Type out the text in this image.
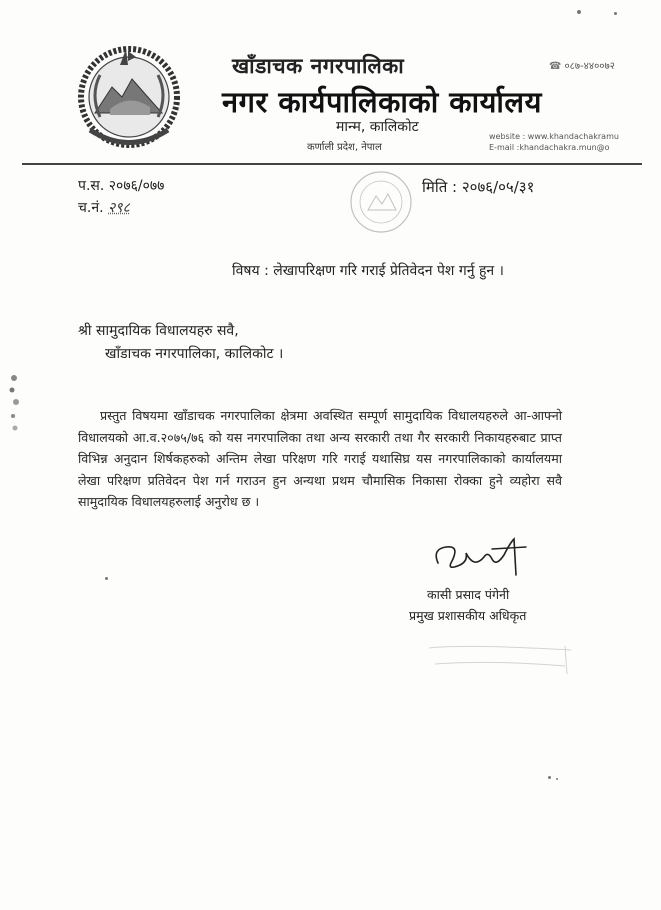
खाँडाचक नगरपालिका
नगर कार्यपालिकाको कार्यालय
मान्म, कालिकोट
कर्णाली प्रदेश, नेपाल
☎ ०८७-४४००७२
website : www.khandachakramu
E-mail :khandachakra.mun@o
प.स. २०७६/०७७
च.नं. २९८
मिति : २०७६/०५/३१
विषय : लेखापरिक्षण गरि गराई प्रेतिवेदन पेश गर्नु हुन ।
श्री सामुदायिक विधालयहरु सवै,
खाँडाचक नगरपालिका, कालिकोट ।
प्रस्तुत विषयमा खाँडाचक नगरपालिका क्षेत्रमा अवस्थित सम्पूर्ण सामुदायिक विधालयहरुले आ-आफ्नो विधालयको आ.व.२०७५/७६ को यस नगरपालिका तथा अन्य सरकारी तथा गैर सरकारी निकायहरुबाट प्राप्त विभिन्न अनुदान शिर्षकहरुको अन्तिम लेखा परिक्षण गरि गराई यथासिघ्र यस नगरपालिकाको कार्यालयमा लेखा परिक्षण प्रतिवेदन पेश गर्न गराउन हुन अन्यथा प्रथम चौमासिक निकासा रोक्का हुने व्यहोरा सवै सामुदायिक विधालयहरुलाई अनुरोध छ ।
कासी प्रसाद पंगेनी
प्रमुख प्रशासकीय अधिकृत
